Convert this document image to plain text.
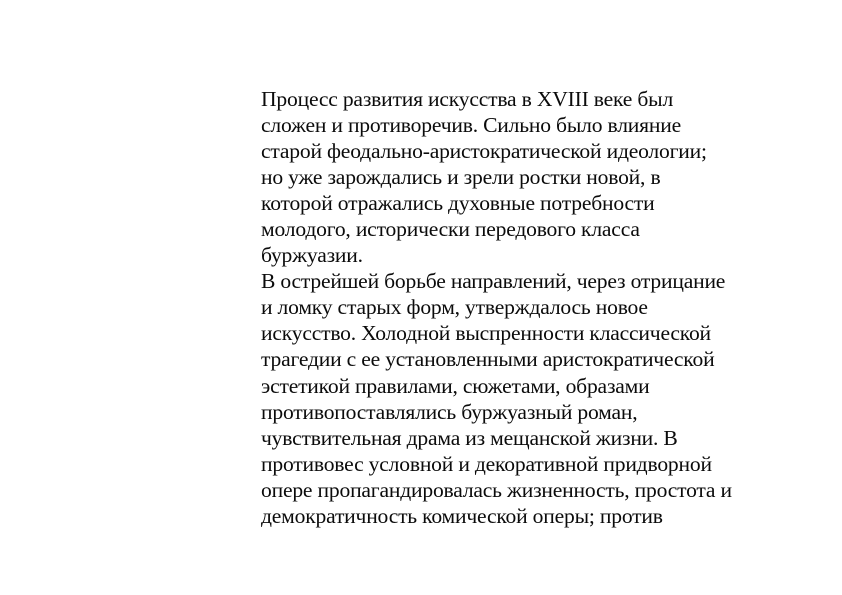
Процесс развития искусства в XVIII веке был
сложен и противоречив. Сильно было влияние
старой феодально-аристократической идеологии;
но уже зарождались и зрели ростки новой, в
которой отражались духовные потребности
молодого, исторически передового класса
буржуазии.
В острейшей борьбе направлений, через отрицание
и ломку старых форм, утверждалось новое
искусство. Холодной выспренности классической
трагедии с ее установленными аристократической
эстетикой правилами, сюжетами, образами
противопоставлялись буржуазный роман,
чувствительная драма из мещанской жизни. В
противовес условной и декоративной придворной
опере пропагандировалась жизненность, простота и
демократичность комической оперы; против
